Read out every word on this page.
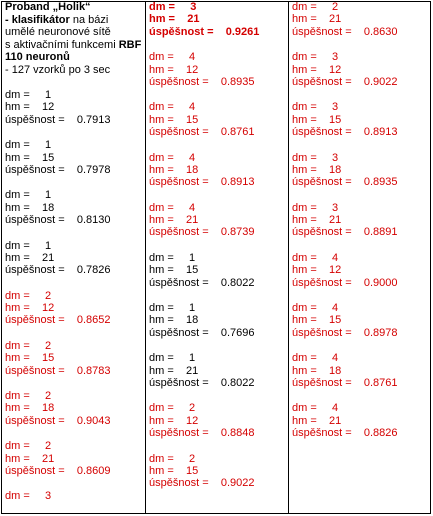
Proband „Holik“
- klasifikátor na bázi
umělé neuronové sítě
s aktivačními funkcemi RBF
110 neuronů
- 127 vzorků po 3 sec
dm =     1
hm =    12
úspěšnost =    0.7913
dm =     1
hm =    15
úspěšnost =    0.7978
dm =     1
hm =    18
úspěšnost =    0.8130
dm =     1
hm =    21
úspěšnost =    0.7826
dm =     2
hm =    12
úspěšnost =    0.8652
dm =     2
hm =    15
úspěšnost =    0.8783
dm =     2
hm =    18
úspěšnost =    0.9043
dm =     2
hm =    21
úspěšnost =    0.8609
dm =     3
dm =     3
hm =    21
úspěšnost =    0.9261
dm =     4
hm =    12
úspěšnost =    0.8935
dm =     4
hm =    15
úspěšnost =    0.8761
dm =     4
hm =    18
úspěšnost =    0.8913
dm =     4
hm =    21
úspěšnost =    0.8739
dm =     1
hm =    15
úspěšnost =    0.8022
dm =     1
hm =    18
úspěšnost =    0.7696
dm =     1
hm =    21
úspěšnost =    0.8022
dm =     2
hm =    12
úspěšnost =    0.8848
dm =     2
hm =    15
úspěšnost =    0.9022
dm =     2
hm =    21
úspěšnost =    0.8630
dm =     3
hm =    12
úspěšnost =    0.9022
dm =     3
hm =    15
úspěšnost =    0.8913
dm =     3
hm =    18
úspěšnost =    0.8935
dm =     3
hm =    21
úspěšnost =    0.8891
dm =     4
hm =    12
úspěšnost =    0.9000
dm =     4
hm =    15
úspěšnost =    0.8978
dm =     4
hm =    18
úspěšnost =    0.8761
dm =     4
hm =    21
úspěšnost =    0.8826
